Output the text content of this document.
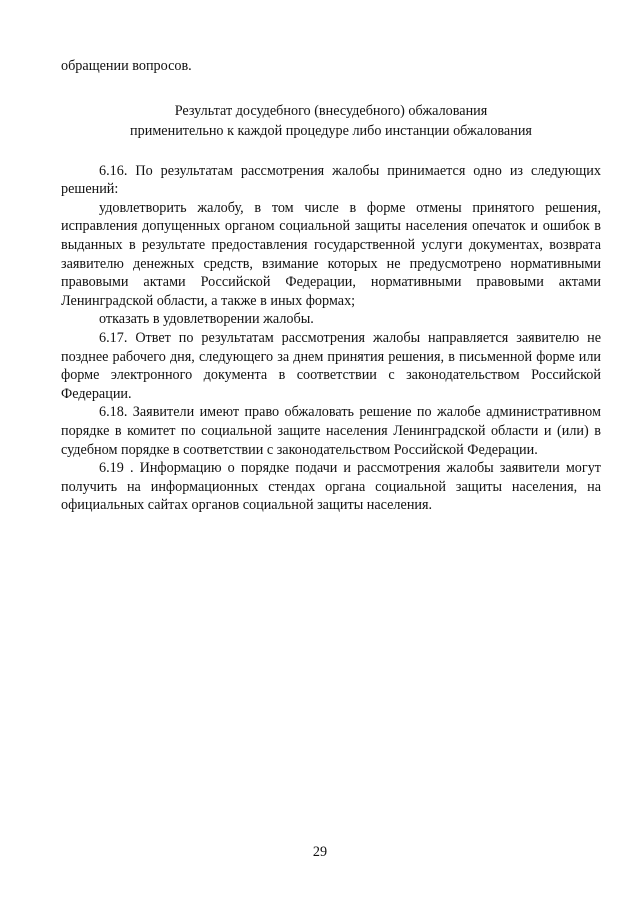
обращении вопросов.

Результат досудебного (внесудебного) обжалования
применительно к каждой процедуре либо инстанции обжалования

6.16. По результатам рассмотрения жалобы принимается одно из следующих решений:

удовлетворить жалобу, в том числе в форме отмены принятого решения, исправления допущенных органом социальной защиты населения опечаток и ошибок в выданных в результате предоставления государственной услуги документах, возврата заявителю денежных средств, взимание которых не предусмотрено нормативными правовыми актами Российской Федерации, нормативными правовыми актами Ленинградской области, а также в иных формах;

отказать в удовлетворении жалобы.

6.17. Ответ по результатам рассмотрения жалобы направляется заявителю не позднее рабочего дня, следующего за днем принятия решения, в письменной форме или форме электронного документа в соответствии с законодательством Российской Федерации.

6.18. Заявители имеют право обжаловать решение по жалобе административном порядке в комитет по социальной защите населения Ленинградской области и (или) в судебном порядке в соответствии с законодательством Российской Федерации.

6.19 . Информацию о порядке подачи и рассмотрения жалобы заявители могут получить на информационных стендах органа социальной защиты населения, на официальных сайтах органов социальной защиты населения.

29
